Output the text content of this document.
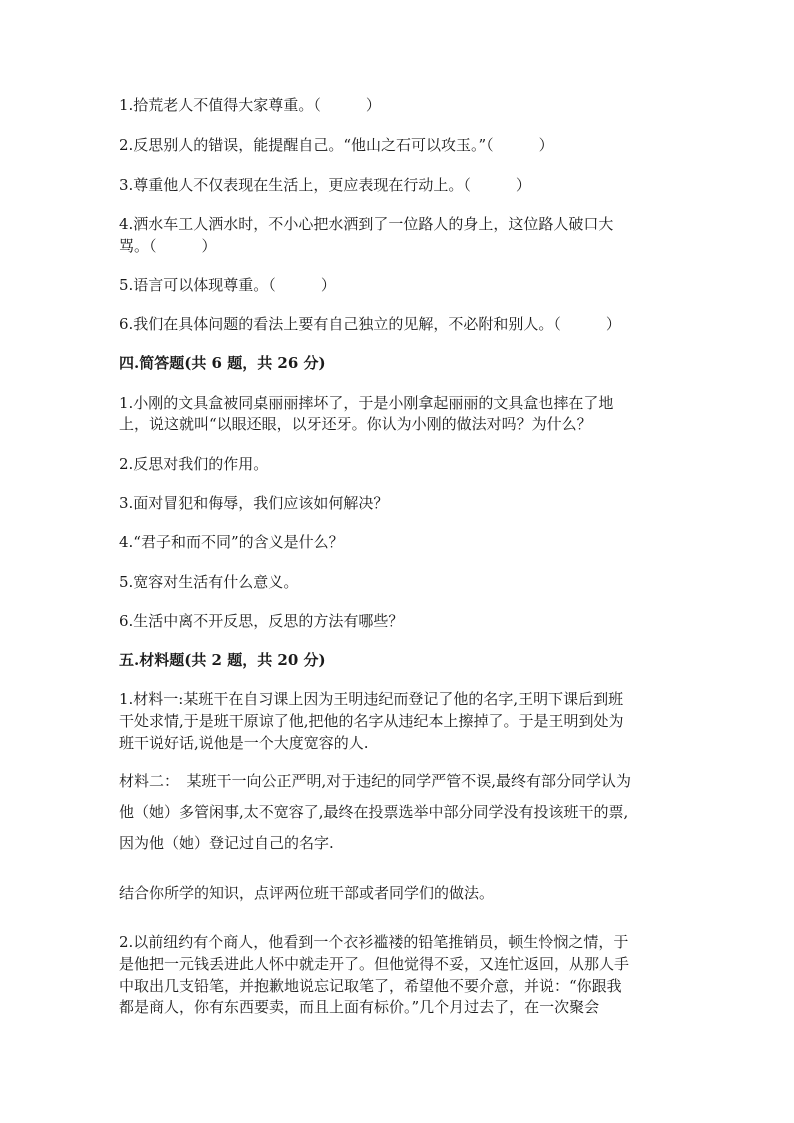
1.拾荒老人不值得大家尊重。（　　　）
2.反思别人的错误，能提醒自己。“他山之石可以攻玉。”（　　　）
3.尊重他人不仅表现在生活上，更应表现在行动上。（　　　）
4.洒水车工人洒水时，不小心把水洒到了一位路人的身上，这位路人破口大
骂。（　　　）
5.语言可以体现尊重。（　　　）
6.我们在具体问题的看法上要有自己独立的见解，不必附和别人。（　　　）
四.简答题(共 6 题，共 26 分)
1.小刚的文具盒被同桌丽丽摔坏了，于是小刚拿起丽丽的文具盒也摔在了地
上，说这就叫“以眼还眼，以牙还牙。你认为小刚的做法对吗？为什么？
2.反思对我们的作用。
3.面对冒犯和侮辱，我们应该如何解决？
4.“君子和而不同”的含义是什么？
5.宽容对生活有什么意义。
6.生活中离不开反思，反思的方法有哪些？
五.材料题(共 2 题，共 20 分)
1.材料一:某班干在自习课上因为王明违纪而登记了他的名字,王明下课后到班
干处求情,于是班干原谅了他,把他的名字从违纪本上擦掉了。于是王明到处为
班干说好话,说他是一个大度宽容的人.
材料二：　某班干一向公正严明,对于违纪的同学严管不误,最终有部分同学认为
他（她）多管闲事,太不宽容了,最终在投票选举中部分同学没有投该班干的票,
因为他（她）登记过自己的名字.
结合你所学的知识，点评两位班干部或者同学们的做法。
2.以前纽约有个商人，他看到一个衣衫褴褛的铅笔推销员，顿生怜悯之情，于
是他把一元钱丢进此人怀中就走开了。但他觉得不妥，又连忙返回，从那人手
中取出几支铅笔，并抱歉地说忘记取笔了，希望他不要介意，并说：“你跟我
都是商人，你有东西要卖，而且上面有标价。”几个月过去了，在一次聚会
